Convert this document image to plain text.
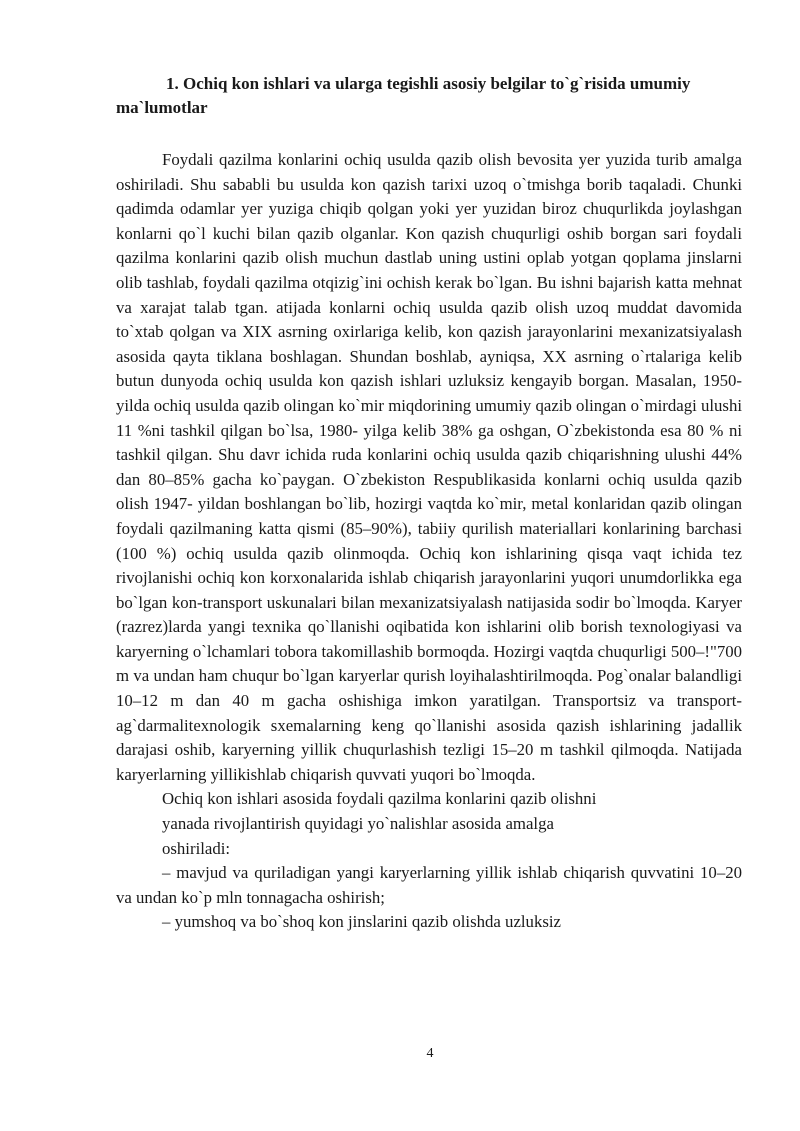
1. Ochiq kon ishlari va ularga tegishli asosiy belgilar to`g`risida umumiy ma`lumotlar

Foydali qazilma konlarini ochiq usulda qazib olish bevosita yer yuzida turib amalga oshiriladi. Shu sababli bu usulda kon qazish tarixi uzoq o`tmishga borib taqaladi. Chunki qadimda odamlar yer yuziga chiqib qolgan yoki yer yuzidan biroz chuqurlikda joylashgan konlarni qo`l kuchi bilan qazib olganlar. Kon qazish chuqurligi oshib borgan sari foydali qazilma konlarini qazib olish muchun dastlab uning ustini oplab yotgan qoplama jinslarni olib tashlab, foydali qazilma otqizig`ini ochish kerak bo`lgan. Bu ishni bajarish katta mehnat va xarajat talab tgan. atijada konlarni ochiq usulda qazib olish uzoq muddat davomida to`xtab qolgan va XIX asrning oxirlariga kelib, kon qazish jarayonlarini mexanizatsiyalash asosida qayta tiklana boshlagan. Shundan boshlab, ayniqsa, XX asrning o`rtalariga kelib butun dunyoda ochiq usulda kon qazish ishlari uzluksiz kengayib borgan. Masalan, 1950-yilda ochiq usulda qazib olingan ko`mir miqdorining umumiy qazib olingan o`mirdagi ulushi 11 %ni tashkil qilgan bo`lsa, 1980- yilga kelib 38% ga oshgan, O`zbekistonda esa 80 % ni tashkil qilgan. Shu davr ichida ruda konlarini ochiq usulda qazib chiqarishning ulushi 44% dan 80–85% gacha ko`paygan. O`zbekiston Respublikasida konlarni ochiq usulda qazib olish 1947- yildan boshlangan bo`lib, hozirgi vaqtda ko`mir, metal konlaridan qazib olingan foydali qazilmaning katta qismi (85–90%), tabiiy qurilish materiallari konlarining barchasi (100 %) ochiq usulda qazib olinmoqda. Ochiq kon ishlarining qisqa vaqt ichida tez rivojlanishi ochiq kon korxonalarida ishlab chiqarish jarayonlarini yuqori unumdorlikka ega bo`lgan kon-transport uskunalari bilan mexanizatsiyalash natijasida sodir bo`lmoqda. Karyer (razrez)larda yangi texnika qo`llanishi oqibatida kon ishlarini olib borish texnologiyasi va karyerning o`lchamlari tobora takomillashib bormoqda. Hozirgi vaqtda chuqurligi 500–!"700 m va undan ham chuqur bo`lgan karyerlar qurish loyihalashtirilmoqda. Pog`onalar balandligi 10–12 m dan 40 m gacha oshishiga imkon yaratilgan. Transportsiz va transport-ag`darmalitexnologik sxemalarning keng qo`llanishi asosida qazish ishlarining jadallik darajasi oshib, karyerning yillik chuqurlashish tezligi 15–20 m tashkil qilmoqda. Natijada karyerlarning yillikishlab chiqarish quvvati yuqori bo`lmoqda.

Ochiq kon ishlari asosida foydali qazilma konlarini qazib olishni yanada rivojlantirish quyidagi yo`nalishlar asosida amalga oshiriladi:

– mavjud va quriladigan yangi karyerlarning yillik ishlab chiqarish quvvatini 10–20 va undan ko`p mln tonnagacha oshirish;

– yumshoq va bo`shoq kon jinslarini qazib olishda uzluksiz

4
